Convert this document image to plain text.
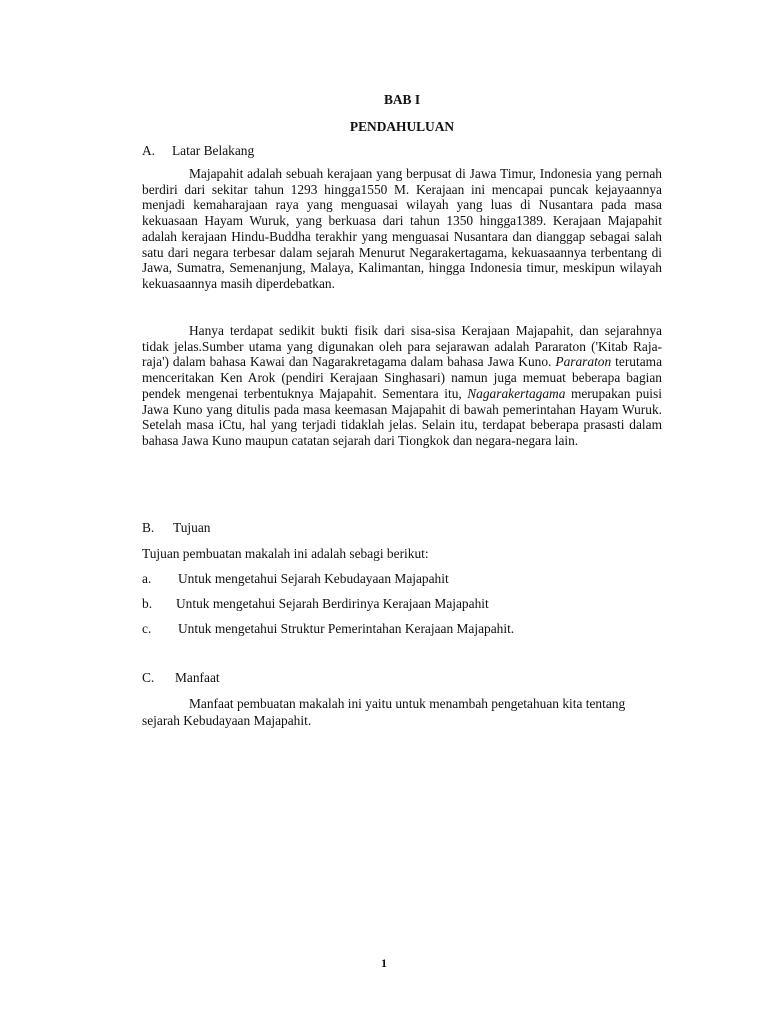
BAB I
PENDAHULUAN
A. Latar Belakang

Majapahit adalah sebuah kerajaan yang berpusat di Jawa Timur, Indonesia yang pernah berdiri dari sekitar tahun 1293 hingga1550 M. Kerajaan ini mencapai puncak kejayaannya menjadi kemaharajaan raya yang menguasai wilayah yang luas di Nusantara pada masa kekuasaan Hayam Wuruk, yang berkuasa dari tahun 1350 hingga1389. Kerajaan Majapahit adalah kerajaan Hindu-Buddha terakhir yang menguasai Nusantara dan dianggap sebagai salah satu dari negara terbesar dalam sejarah Menurut Negarakertagama, kekuasaannya terbentang di Jawa, Sumatra, Semenanjung, Malaya, Kalimantan, hingga Indonesia timur, meskipun wilayah kekuasaannya masih diperdebatkan.

Hanya terdapat sedikit bukti fisik dari sisa-sisa Kerajaan Majapahit, dan sejarahnya tidak jelas.Sumber utama yang digunakan oleh para sejarawan adalah Pararaton ('Kitab Raja-raja') dalam bahasa Kawai dan Nagarakretagama dalam bahasa Jawa Kuno. Pararaton terutama menceritakan Ken Arok (pendiri Kerajaan Singhasari) namun juga memuat beberapa bagian pendek mengenai terbentuknya Majapahit. Sementara itu, Nagarakertagama merupakan puisi Jawa Kuno yang ditulis pada masa keemasan Majapahit di bawah pemerintahan Hayam Wuruk. Setelah masa iCtu, hal yang terjadi tidaklah jelas. Selain itu, terdapat beberapa prasasti dalam bahasa Jawa Kuno maupun catatan sejarah dari Tiongkok dan negara-negara lain.

B. Tujuan
Tujuan pembuatan makalah ini adalah sebagi berikut:
a. Untuk mengetahui Sejarah Kebudayaan Majapahit
b. Untuk mengetahui Sejarah Berdirinya Kerajaan Majapahit
c. Untuk mengetahui Struktur Pemerintahan Kerajaan Majapahit.
C. Manfaat

Manfaat pembuatan makalah ini yaitu untuk menambah pengetahuan kita tentang sejarah Kebudayaan Majapahit.

1
